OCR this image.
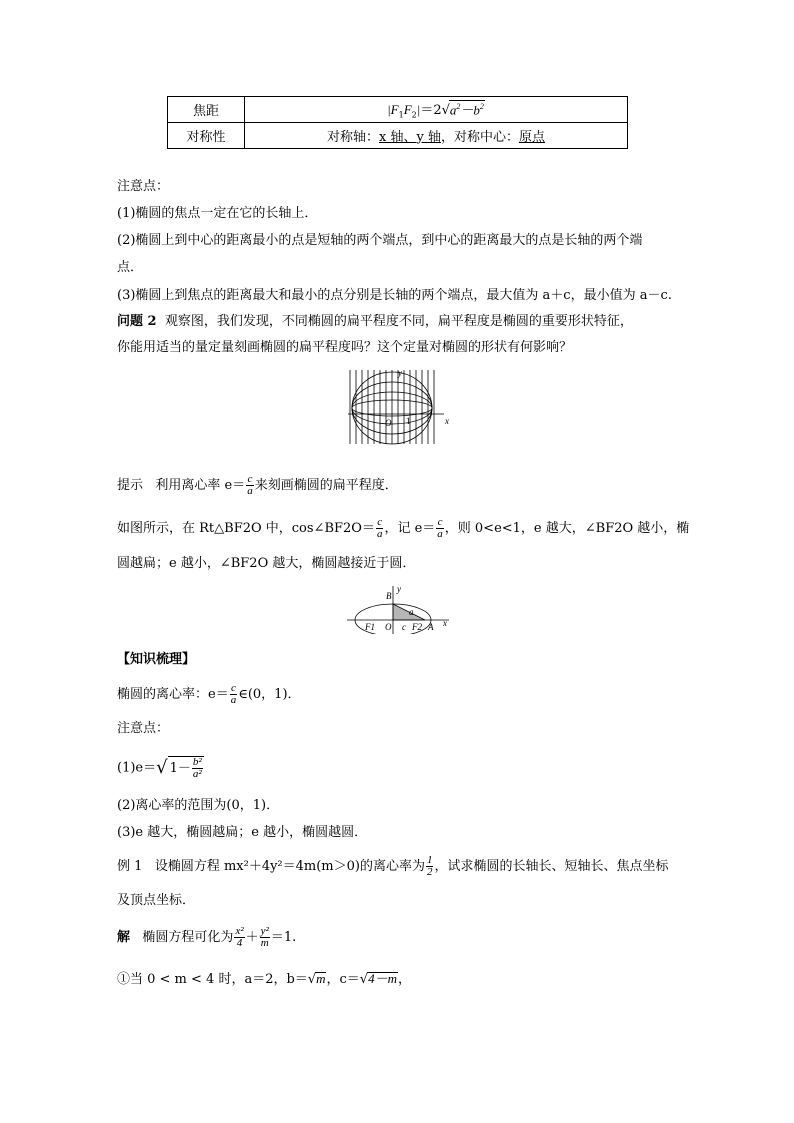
焦距	$|F_1F_2|=2√a^2-b^2$
对称性	对称轴：x 轴、y 轴，对称中心：原点
注意点：
(1)椭圆的焦点一定在它的长轴上．
(2)椭圆上到中心的距离最小的点是短轴的两个端点，到中心的距离最大的点是长轴的两个端
点．
(3)椭圆上到焦点的距离最大和最小的点分别是长轴的两个端点，最大值为 a＋c，最小值为 a－c.
问题 2 观察图，我们发现，不同椭圆的扁平程度不同，扁平程度是椭圆的重要形状特征，
你能用适当的量定量刻画椭圆的扁平程度吗？这个定量对椭圆的形状有何影响？
y
x
O 1
提示 利用离心率 $e= \frac{c}{a}$ 来刻画椭圆的扁平程度．
如图所示，在 Rt△BF2O 中，cos∠BF2O＝ $\frac{c}{a}$ ，记 $e= \frac{c}{a}$ ，则 0<e<1，e 越大，∠BF2O 越小，椭
圆越扁；e 越小，∠BF2O 越大，椭圆越接近于圆．
B
y
a
F1 O c F2 A x
【知识梳理】
椭圆的离心率：$e= \frac{c}{a}$ ∈(0，1)．
注意点：
(1)e＝√ $1- \frac{\text{b²}}{\text{a²}}$
(2)离心率的范围为(0，1)．
(3)e 越大，椭圆越扁；e 越小，椭圆越圆．
例 1 设椭圆方程 mx²＋4y²＝4m(m＞0)的离心率为 $\frac{1}{2}$ ，试求椭圆的长轴长、短轴长、焦点坐标
及顶点坐标．
解 椭圆方程可化为 $\frac{\text{x²}}{4} + \frac{\text{y²}}{m} =1$.
①当 0 < m < 4 时，a＝2，b＝√m，c＝√4－m，
